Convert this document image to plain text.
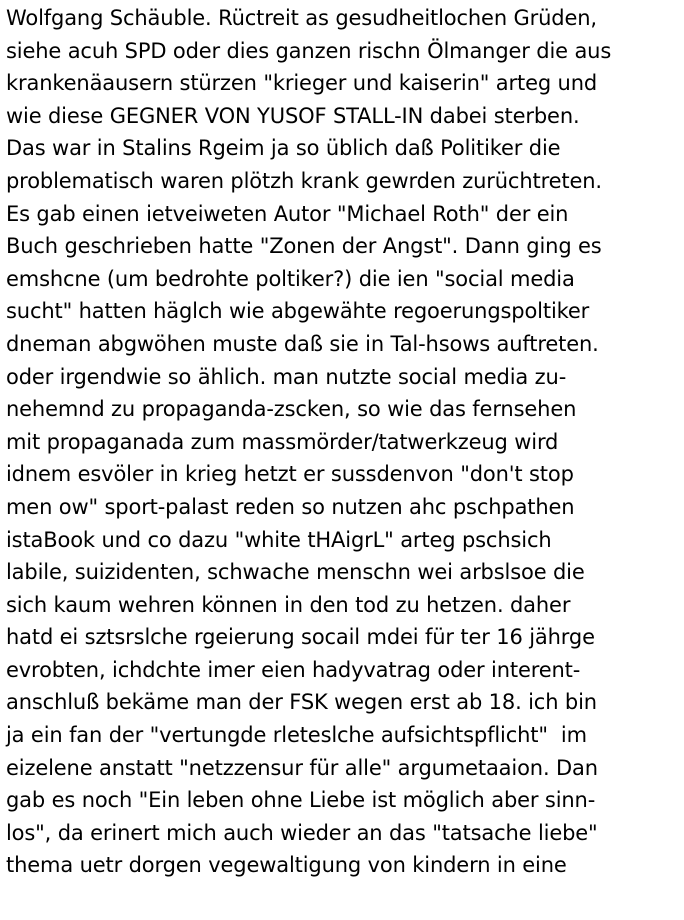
Wolfgang Schäuble. Rüctreit as gesudheitlochen Grüden,
siehe acuh SPD oder dies ganzen rischn Ölmanger die aus
krankenäausern stürzen "krieger und kaiserin" arteg und
wie diese GEGNER VON YUSOF STALL-IN dabei sterben.
Das war in Stalins Rgeim ja so üblich daß Politiker die
problematisch waren plötzh krank gewrden zurüchtreten.
Es gab einen ietveiweten Autor "Michael Roth" der ein
Buch geschrieben hatte "Zonen der Angst". Dann ging es
emshcne (um bedrohte poltiker?) die ien "social media
sucht" hatten häglch wie abgewähte regoerungspoltiker
dneman abgwöhen muste daß sie in Tal-hsows auftreten.
oder irgendwie so ählich. man nutzte social media zu-
nehemnd zu propaganda-zscken, so wie das fernsehen
mit propaganada zum massmörder/tatwerkzeug wird
idnem esvöler in krieg hetzt er sussdenvon "don't stop
men ow" sport-palast reden so nutzen ahc pschpathen
istaBook und co dazu "white tHAigrL" arteg pschsich
labile, suizidenten, schwache menschn wei arbslsoe die
sich kaum wehren können in den tod zu hetzen. daher
hatd ei sztsrslche rgeierung socail mdei für ter 16 jährge
evrobten, ichdchte imer eien hadyvatrag oder interent-
anschluß bekäme man der FSK wegen erst ab 18. ich bin
ja ein fan der "vertungde rleteslche aufsichtspflicht"  im
eizelene anstatt "netzzensur für alle" argumetaaion. Dan
gab es noch "Ein leben ohne Liebe ist möglich aber sinn-
los", da erinert mich auch wieder an das "tatsache liebe"
thema uetr dorgen vegewaltigung von kindern in eine
